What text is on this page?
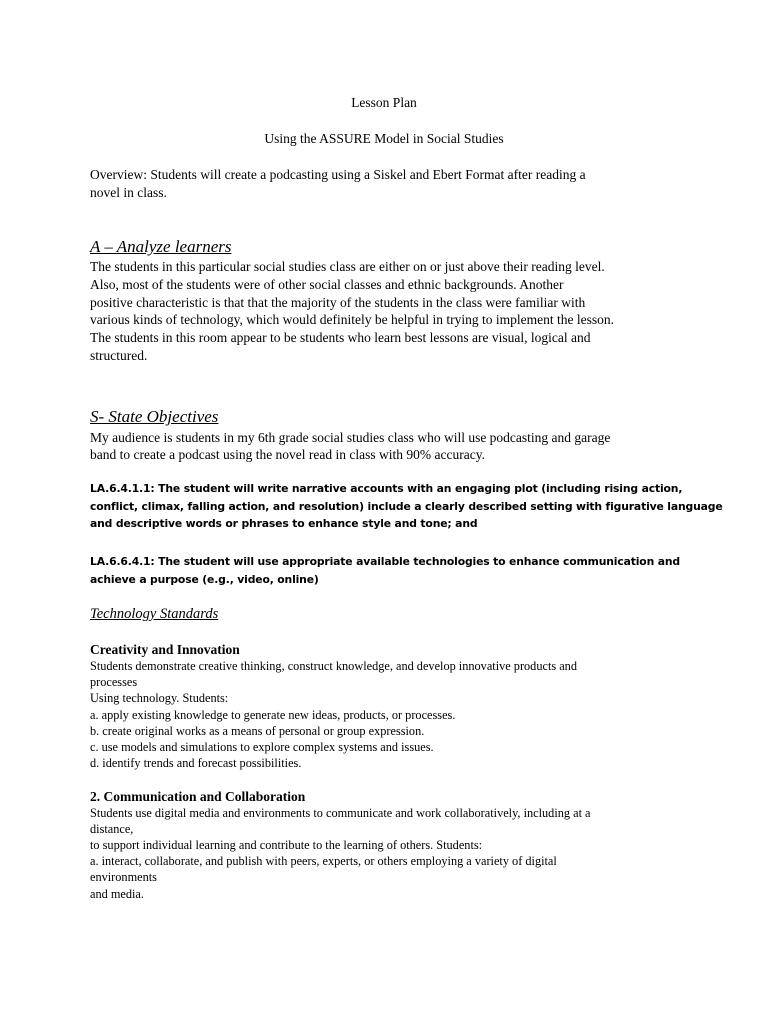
Lesson Plan
Using the ASSURE Model in Social Studies
Overview: Students will create a podcasting using a Siskel and Ebert Format after reading a
novel in class.
A – Analyze learners
The students in this particular social studies class are either on or just above their reading level.
Also, most of the students were of other social classes and ethnic backgrounds. Another
positive characteristic is that that the majority of the students in the class were familiar with
various kinds of technology, which would definitely be helpful in trying to implement the lesson.
The students in this room appear to be students who learn best lessons are visual, logical and
structured.
S- State Objectives
My audience is students in my 6th grade social studies class who will use podcasting and garage
band to create a podcast using the novel read in class with 90% accuracy.
LA.6.4.1.1: The student will write narrative accounts with an engaging plot (including rising action,
conflict, climax, falling action, and resolution) include a clearly described setting with figurative language
and descriptive words or phrases to enhance style and tone; and
LA.6.6.4.1: The student will use appropriate available technologies to enhance communication and
achieve a purpose (e.g., video, online)
Technology Standards
Creativity and Innovation
Students demonstrate creative thinking, construct knowledge, and develop innovative products and
processes
Using technology. Students:
a. apply existing knowledge to generate new ideas, products, or processes.
b. create original works as a means of personal or group expression.
c. use models and simulations to explore complex systems and issues.
d. identify trends and forecast possibilities.
2. Communication and Collaboration
Students use digital media and environments to communicate and work collaboratively, including at a
distance,
to support individual learning and contribute to the learning of others. Students:
a. interact, collaborate, and publish with peers, experts, or others employing a variety of digital
environments
and media.
